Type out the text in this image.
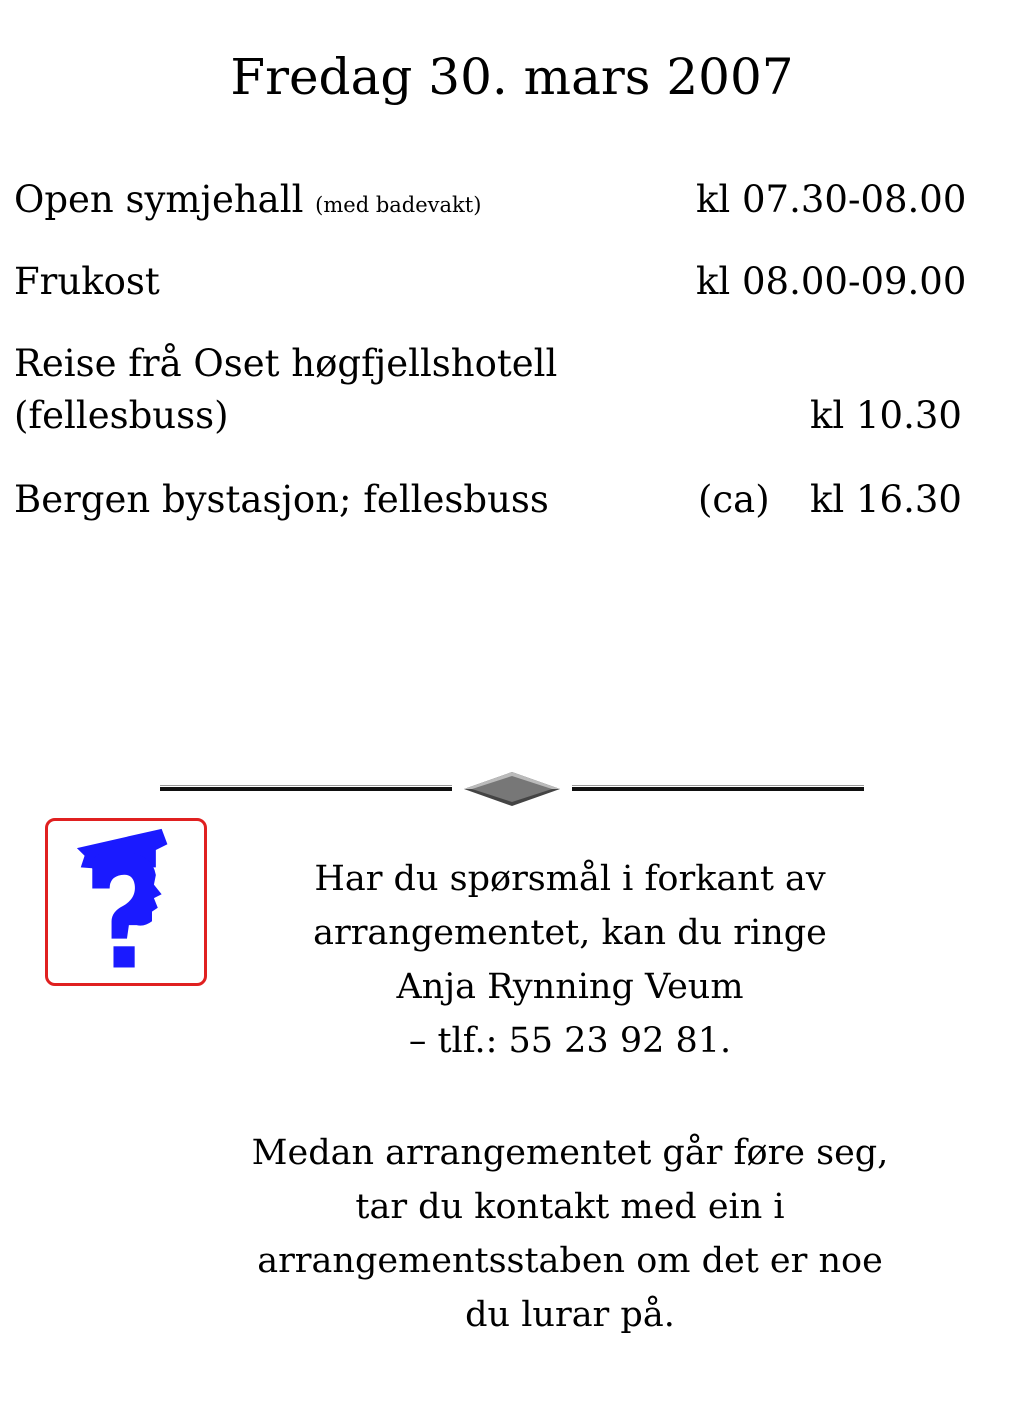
Fredag 30. mars 2007
Open symjehall (med badevakt)	kl 07.30-08.00
Frukost	kl 08.00-09.00
Reise frå Oset høgfjellshotell
(fellesbuss)	kl 10.30
Bergen bystasjon; fellesbuss	(ca) kl 16.30
Har du spørsmål i forkant av
arrangementet, kan du ringe
Anja Rynning Veum
– tlf.: 55 23 92 81.
Medan arrangementet går føre seg,
tar du kontakt med ein i
arrangementsstaben om det er noe
du lurar på.
